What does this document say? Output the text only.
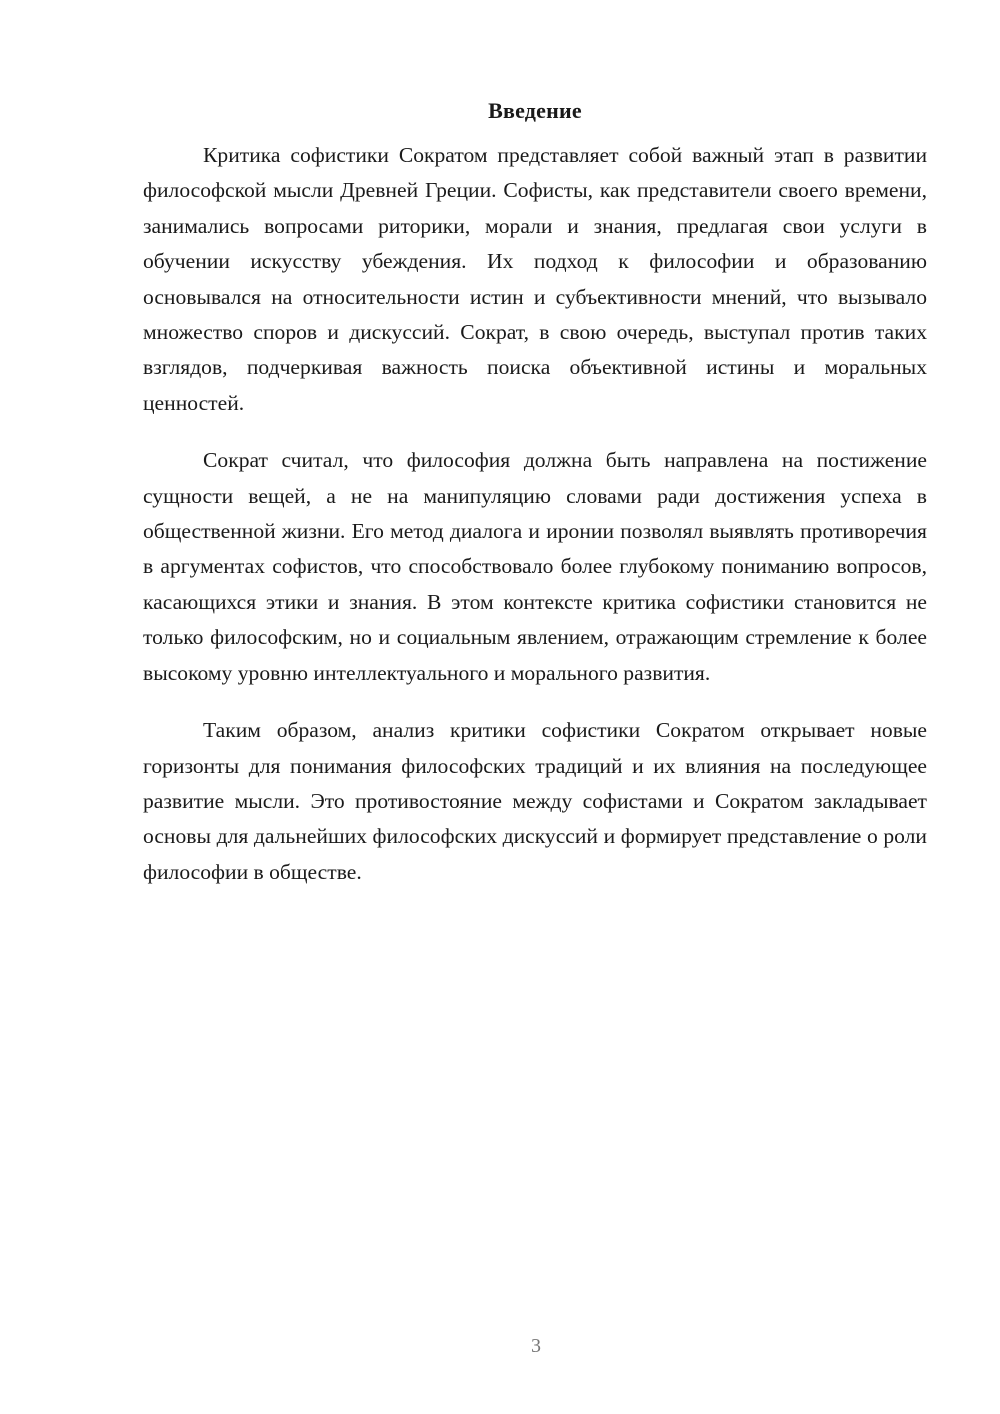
Введение

Критика софистики Сократом представляет собой важный этап в развитии философской мысли Древней Греции. Софисты, как представители своего времени, занимались вопросами риторики, морали и знания, предлагая свои услуги в обучении искусству убеждения. Их подход к философии и образованию основывался на относительности истин и субъективности мнений, что вызывало множество споров и дискуссий. Сократ, в свою очередь, выступал против таких взглядов, подчеркивая важность поиска объективной истины и моральных ценностей.

Сократ считал, что философия должна быть направлена на постижение сущности вещей, а не на манипуляцию словами ради достижения успеха в общественной жизни. Его метод диалога и иронии позволял выявлять противоречия в аргументах софистов, что способствовало более глубокому пониманию вопросов, касающихся этики и знания. В этом контексте критика софистики становится не только философским, но и социальным явлением, отражающим стремление к более высокому уровню интеллектуального и морального развития.

Таким образом, анализ критики софистики Сократом открывает новые горизонты для понимания философских традиций и их влияния на последующее развитие мысли. Это противостояние между софистами и Сократом закладывает основы для дальнейших философских дискуссий и формирует представление о роли философии в обществе.

3
